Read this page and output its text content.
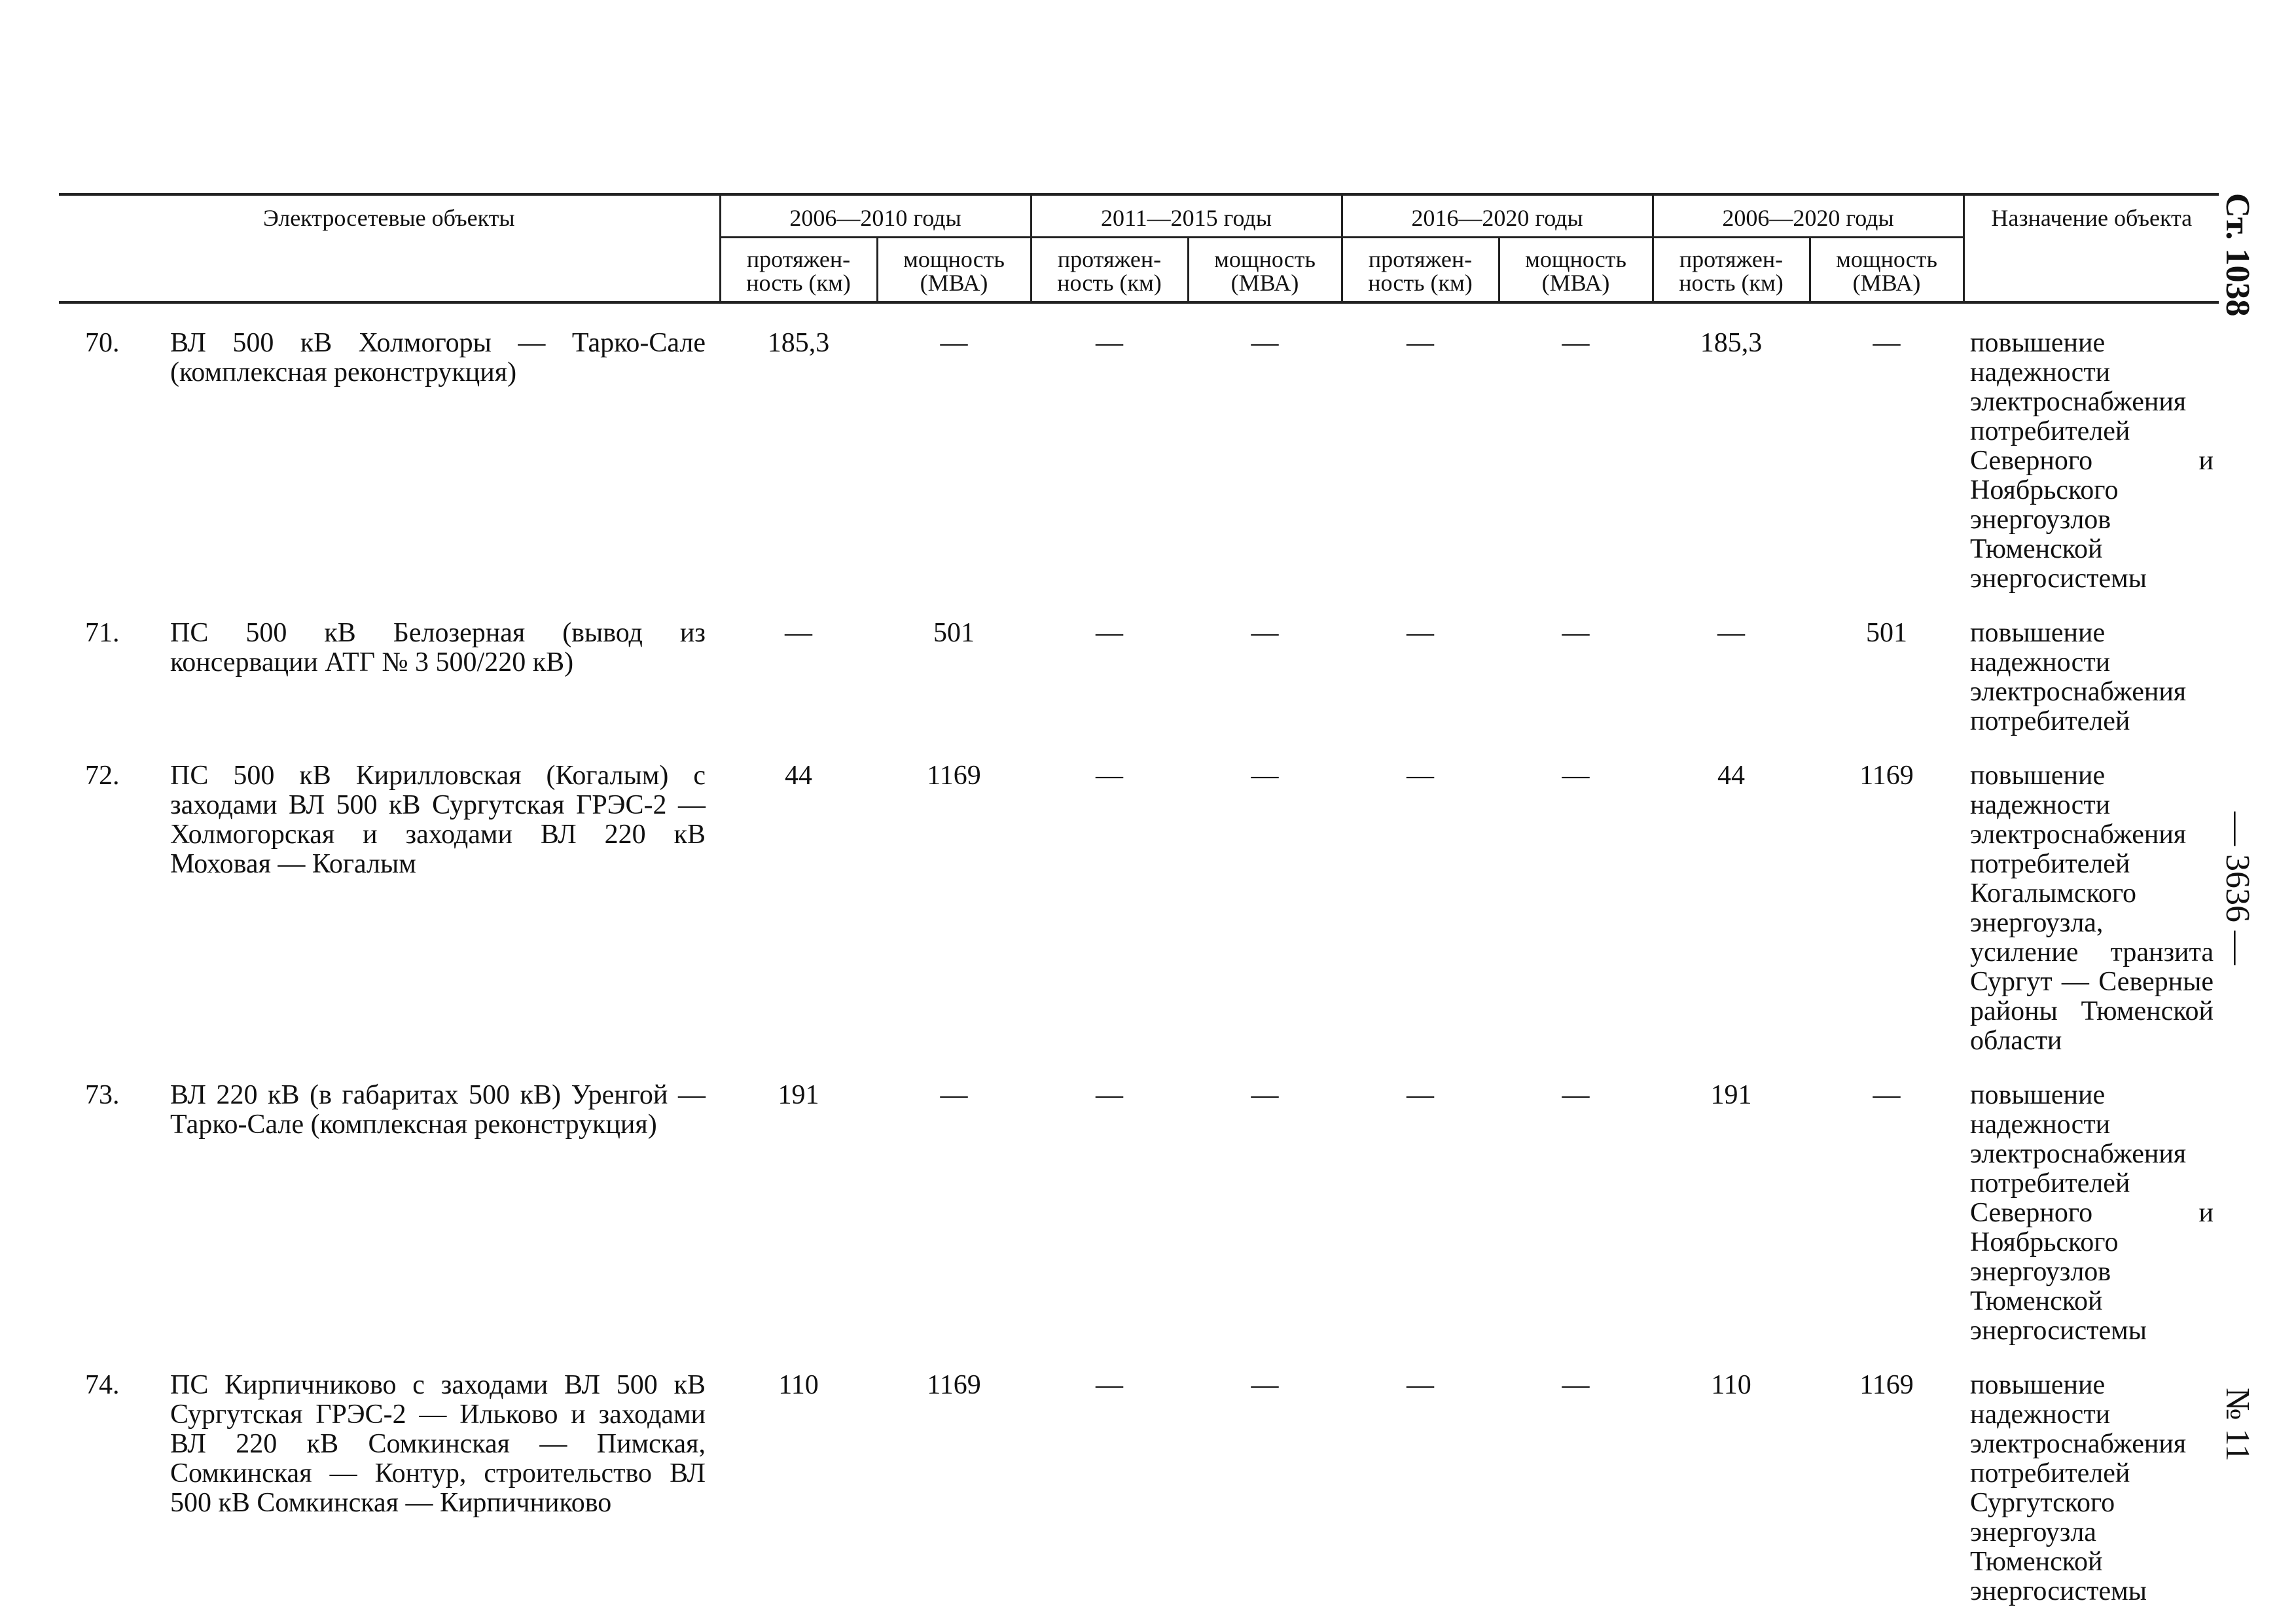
Электросетевые объекты		2006—2010 годы		2011—2015 годы		2016—2020 годы		2006—2020 годы		Назначение объекта
		протяжен-ность (км)	мощность (МВА)	протяжен-ность (км)	мощность (МВА)	протяжен-ность (км)	мощность (МВА)	протяжен-ность (км)	мощность (МВА)	
70.	ВЛ 500 кВ Холмогоры — Тарко-Сале (комплексная реконструкция)	185,3	—	—	—	—	—	185,3	—	повышение надежности электроснабжения потребителей Северного и Ноябрьского энергоузлов Тюменской энергосистемы
71.	ПС 500 кВ Белозерная (вывод из консервации АТГ № 3 500/220 кВ)	—	501	—	—	—	—	—	501	повышение надежности электроснабжения потребителей
72.	ПС 500 кВ Кирилловская (Когалым) с заходами ВЛ 500 кВ Сургутская ГРЭС-2 — Холмогорская и заходами ВЛ 220 кВ Моховая — Когалым	44	1169	—	—	—	—	44	1169	повышение надежности электроснабжения потребителей Когалымского энергоузла, усиление транзита Сургут — Северные районы Тюменской области
73.	ВЛ 220 кВ (в габаритах 500 кВ) Уренгой — Тарко-Сале (комплексная реконструкция)	191	—	—	—	—	—	191	—	повышение надежности электроснабжения потребителей Северного и Ноябрьского энергоузлов Тюменской энергосистемы
74.	ПС Кирпичниково с заходами ВЛ 500 кВ Сургутская ГРЭС-2 — Ильково и заходами ВЛ 220 кВ Сомкинская — Пимская, Сомкинская — Контур, строительство ВЛ 500 кВ Сомкинская — Кирпичниково	110	1169	—	—	—	—	110	1169	повышение надежности электроснабжения потребителей Сургутского энергоузла Тюменской энергосистемы
Ст. 1038
— 3636 —
№ 11
